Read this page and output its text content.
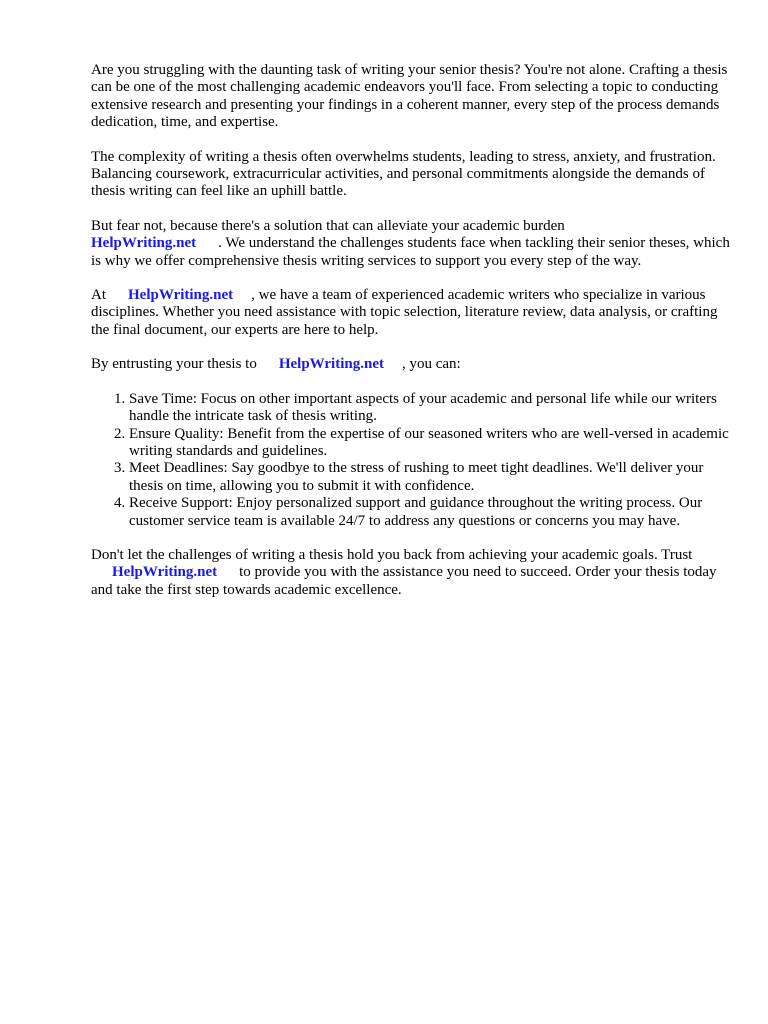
Are you struggling with the daunting task of writing your senior thesis? You're not alone. Crafting a thesis can be one of the most challenging academic endeavors you'll face. From selecting a topic to conducting extensive research and presenting your findings in a coherent manner, every step of the process demands dedication, time, and expertise.

The complexity of writing a thesis often overwhelms students, leading to stress, anxiety, and frustration. Balancing coursework, extracurricular activities, and personal commitments alongside the demands of thesis writing can feel like an uphill battle.

But fear not, because there's a solution that can alleviate your academic burden
HelpWriting.net . We understand the challenges students face when tackling their senior theses, which is why we offer comprehensive thesis writing services to support you every step of the way.

At HelpWriting.net , we have a team of experienced academic writers who specialize in various disciplines. Whether you need assistance with topic selection, literature review, data analysis, or crafting the final document, our experts are here to help.

By entrusting your thesis to HelpWriting.net , you can:

1. Save Time: Focus on other important aspects of your academic and personal life while our writers handle the intricate task of thesis writing.
2. Ensure Quality: Benefit from the expertise of our seasoned writers who are well-versed in academic writing standards and guidelines.
3. Meet Deadlines: Say goodbye to the stress of rushing to meet tight deadlines. We'll deliver your thesis on time, allowing you to submit it with confidence.
4. Receive Support: Enjoy personalized support and guidance throughout the writing process. Our customer service team is available 24/7 to address any questions or concerns you may have.

Don't let the challenges of writing a thesis hold you back from achieving your academic goals. Trust
HelpWriting.net to provide you with the assistance you need to succeed. Order your thesis today and take the first step towards academic excellence.
